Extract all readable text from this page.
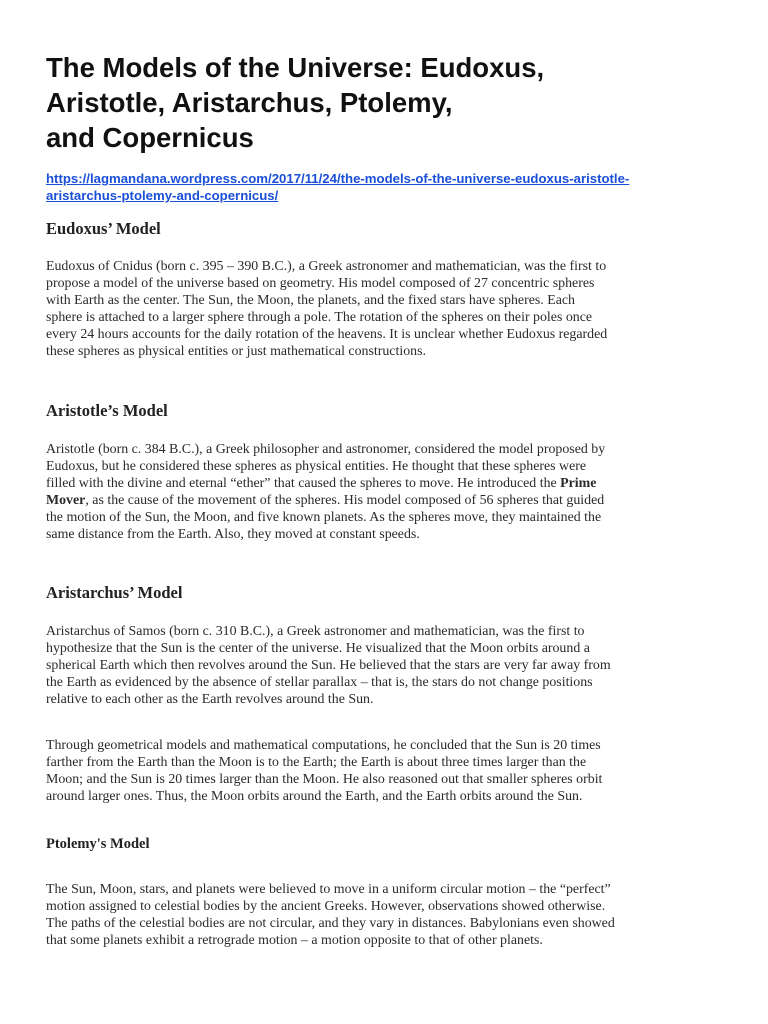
The Models of the Universe: Eudoxus,
Aristotle, Aristarchus, Ptolemy,
and Copernicus
https://lagmandana.wordpress.com/2017/11/24/the-models-of-the-universe-eudoxus-aristotle-
aristarchus-ptolemy-and-copernicus/
Eudoxus’ Model
Eudoxus of Cnidus (born c. 395 – 390 B.C.), a Greek astronomer and mathematician, was the first to
propose a model of the universe based on geometry. His model composed of 27 concentric spheres
with Earth as the center. The Sun, the Moon, the planets, and the fixed stars have spheres. Each
sphere is attached to a larger sphere through a pole. The rotation of the spheres on their poles once
every 24 hours accounts for the daily rotation of the heavens. It is unclear whether Eudoxus regarded
these spheres as physical entities or just mathematical constructions.
Aristotle’s Model
Aristotle (born c. 384 B.C.), a Greek philosopher and astronomer, considered the model proposed by
Eudoxus, but he considered these spheres as physical entities. He thought that these spheres were
filled with the divine and eternal “ether” that caused the spheres to move. He introduced the Prime
Mover, as the cause of the movement of the spheres. His model composed of 56 spheres that guided
the motion of the Sun, the Moon, and five known planets. As the spheres move, they maintained the
same distance from the Earth. Also, they moved at constant speeds.
Aristarchus’ Model
Aristarchus of Samos (born c. 310 B.C.), a Greek astronomer and mathematician, was the first to
hypothesize that the Sun is the center of the universe. He visualized that the Moon orbits around a
spherical Earth which then revolves around the Sun. He believed that the stars are very far away from
the Earth as evidenced by the absence of stellar parallax – that is, the stars do not change positions
relative to each other as the Earth revolves around the Sun.
Through geometrical models and mathematical computations, he concluded that the Sun is 20 times
farther from the Earth than the Moon is to the Earth; the Earth is about three times larger than the
Moon; and the Sun is 20 times larger than the Moon. He also reasoned out that smaller spheres orbit
around larger ones. Thus, the Moon orbits around the Earth, and the Earth orbits around the Sun.
Ptolemy's Model
The Sun, Moon, stars, and planets were believed to move in a uniform circular motion – the “perfect”
motion assigned to celestial bodies by the ancient Greeks. However, observations showed otherwise.
The paths of the celestial bodies are not circular, and they vary in distances. Babylonians even showed
that some planets exhibit a retrograde motion – a motion opposite to that of other planets.
